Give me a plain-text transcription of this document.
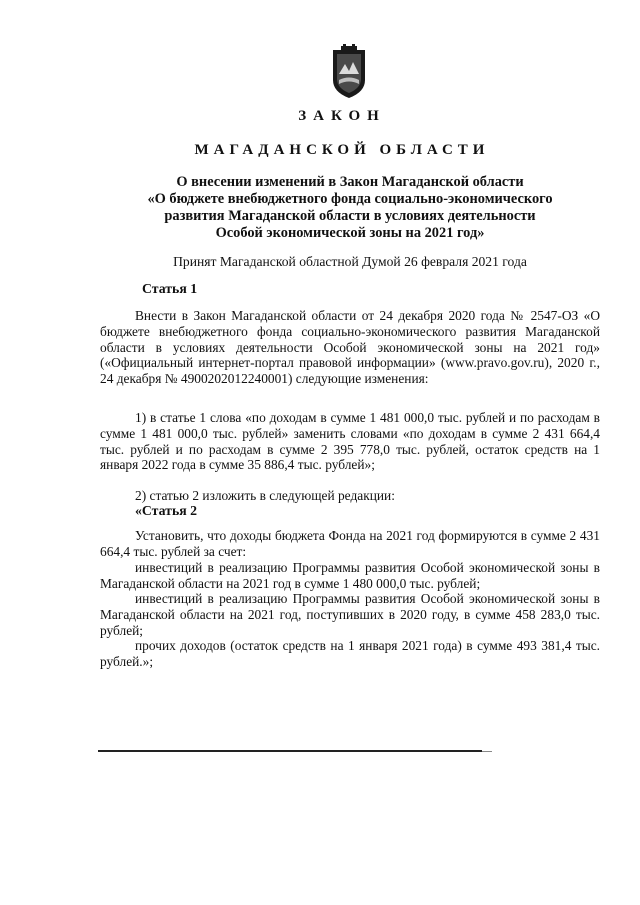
ЗАКОН
МАГАДАНСКОЙ ОБЛАСТИ
О внесении изменений в Закон Магаданской области
«О бюджете внебюджетного фонда социально-экономического
развития Магаданской области в условиях деятельности
Особой экономической зоны на 2021 год»
Принят Магаданской областной Думой 26 февраля 2021 года
Статья 1
Внести в Закон Магаданской области от 24 декабря 2020 года № 2547-ОЗ «О бюджете внебюджетного фонда социально-экономического развития Магаданской области в условиях деятельности Особой экономической зоны на 2021 год» («Официальный интернет-портал правовой информации» (www.pravo.gov.ru), 2020 г., 24 декабря № 4900202012240001) следующие изменения:
1) в статье 1 слова «по доходам в сумме 1 481 000,0 тыс. рублей и по расходам в сумме 1 481 000,0 тыс. рублей» заменить словами «по доходам в сумме 2 431 664,4 тыс. рублей и по расходам в сумме 2 395 778,0 тыс. рублей, остаток средств на 1 января 2022 года в сумме 35 886,4 тыс. рублей»;
2) статью 2 изложить в следующей редакции:
«Статья 2
Установить, что доходы бюджета Фонда на 2021 год формируются в сумме 2 431 664,4 тыс. рублей за счет:
инвестиций в реализацию Программы развития Особой экономической зоны в Магаданской области на 2021 год в сумме 1 480 000,0 тыс. рублей;
инвестиций в реализацию Программы развития Особой экономической зоны в Магаданской области на 2021 год, поступивших в 2020 году, в сумме 458 283,0 тыс. рублей;
прочих доходов (остаток средств на 1 января 2021 года) в сумме 493 381,4 тыс. рублей.»;
